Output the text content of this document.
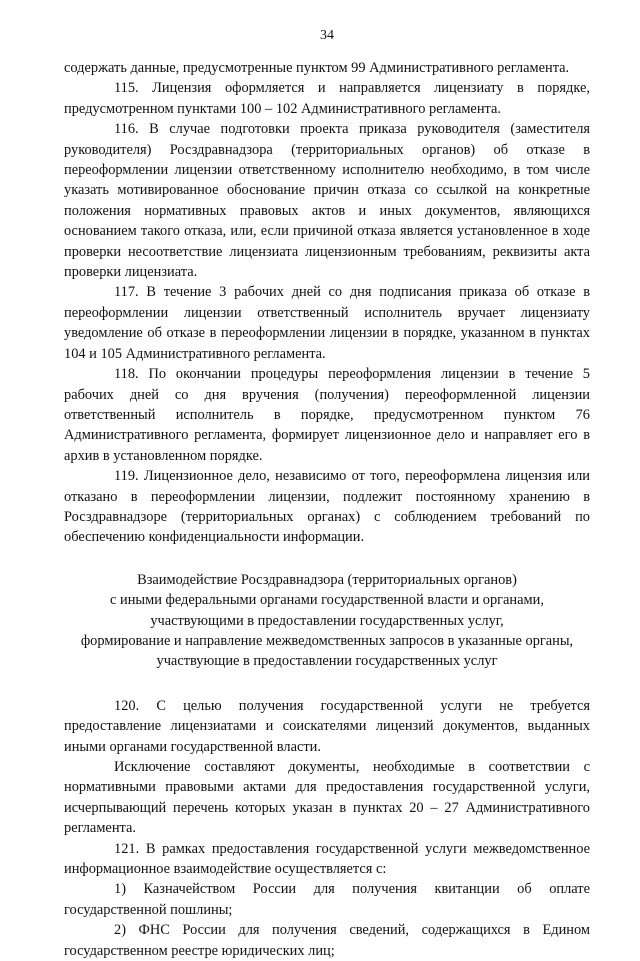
34

содержать данные, предусмотренные пунктом 99 Административного регламента.

115. Лицензия оформляется и направляется лицензиату в порядке, предусмотренном пунктами 100 – 102 Административного регламента.

116. В случае подготовки проекта приказа руководителя (заместителя руководителя) Росздравнадзора (территориальных органов) об отказе в переоформлении лицензии ответственному исполнителю необходимо, в том числе указать мотивированное обоснование причин отказа со ссылкой на конкретные положения нормативных правовых актов и иных документов, являющихся основанием такого отказа, или, если причиной отказа является установленное в ходе проверки несоответствие лицензиата лицензионным требованиям, реквизиты акта проверки лицензиата.

117. В течение 3 рабочих дней со дня подписания приказа об отказе в переоформлении лицензии ответственный исполнитель вручает лицензиату уведомление об отказе в переоформлении лицензии в порядке, указанном в пунктах 104 и 105 Административного регламента.

118. По окончании процедуры переоформления лицензии в течение 5 рабочих дней со дня вручения (получения) переоформленной лицензии ответственный исполнитель в порядке, предусмотренном пунктом 76 Административного регламента, формирует лицензионное дело и направляет его в архив в установленном порядке.

119. Лицензионное дело, независимо от того, переоформлена лицензия или отказано в переоформлении лицензии, подлежит постоянному хранению в Росздравнадзоре (территориальных органах) с соблюдением требований по обеспечению конфиденциальности информации.

Взаимодействие Росздравнадзора (территориальных органов)
с иными федеральными органами государственной власти и органами,
участвующими в предоставлении государственных услуг,
формирование и направление межведомственных запросов в указанные органы,
участвующие в предоставлении государственных услуг

120. С целью получения государственной услуги не требуется предоставление лицензиатами и соискателями лицензий документов, выданных иными органами государственной власти.

Исключение составляют документы, необходимые в соответствии с нормативными правовыми актами для предоставления государственной услуги, исчерпывающий перечень которых указан в пунктах 20 – 27 Административного регламента.

121. В рамках предоставления государственной услуги межведомственное информационное взаимодействие осуществляется с:

1) Казначейством России для получения квитанции об оплате государственной пошлины;

2) ФНС России для получения сведений, содержащихся в Едином государственном реестре юридических лиц;
